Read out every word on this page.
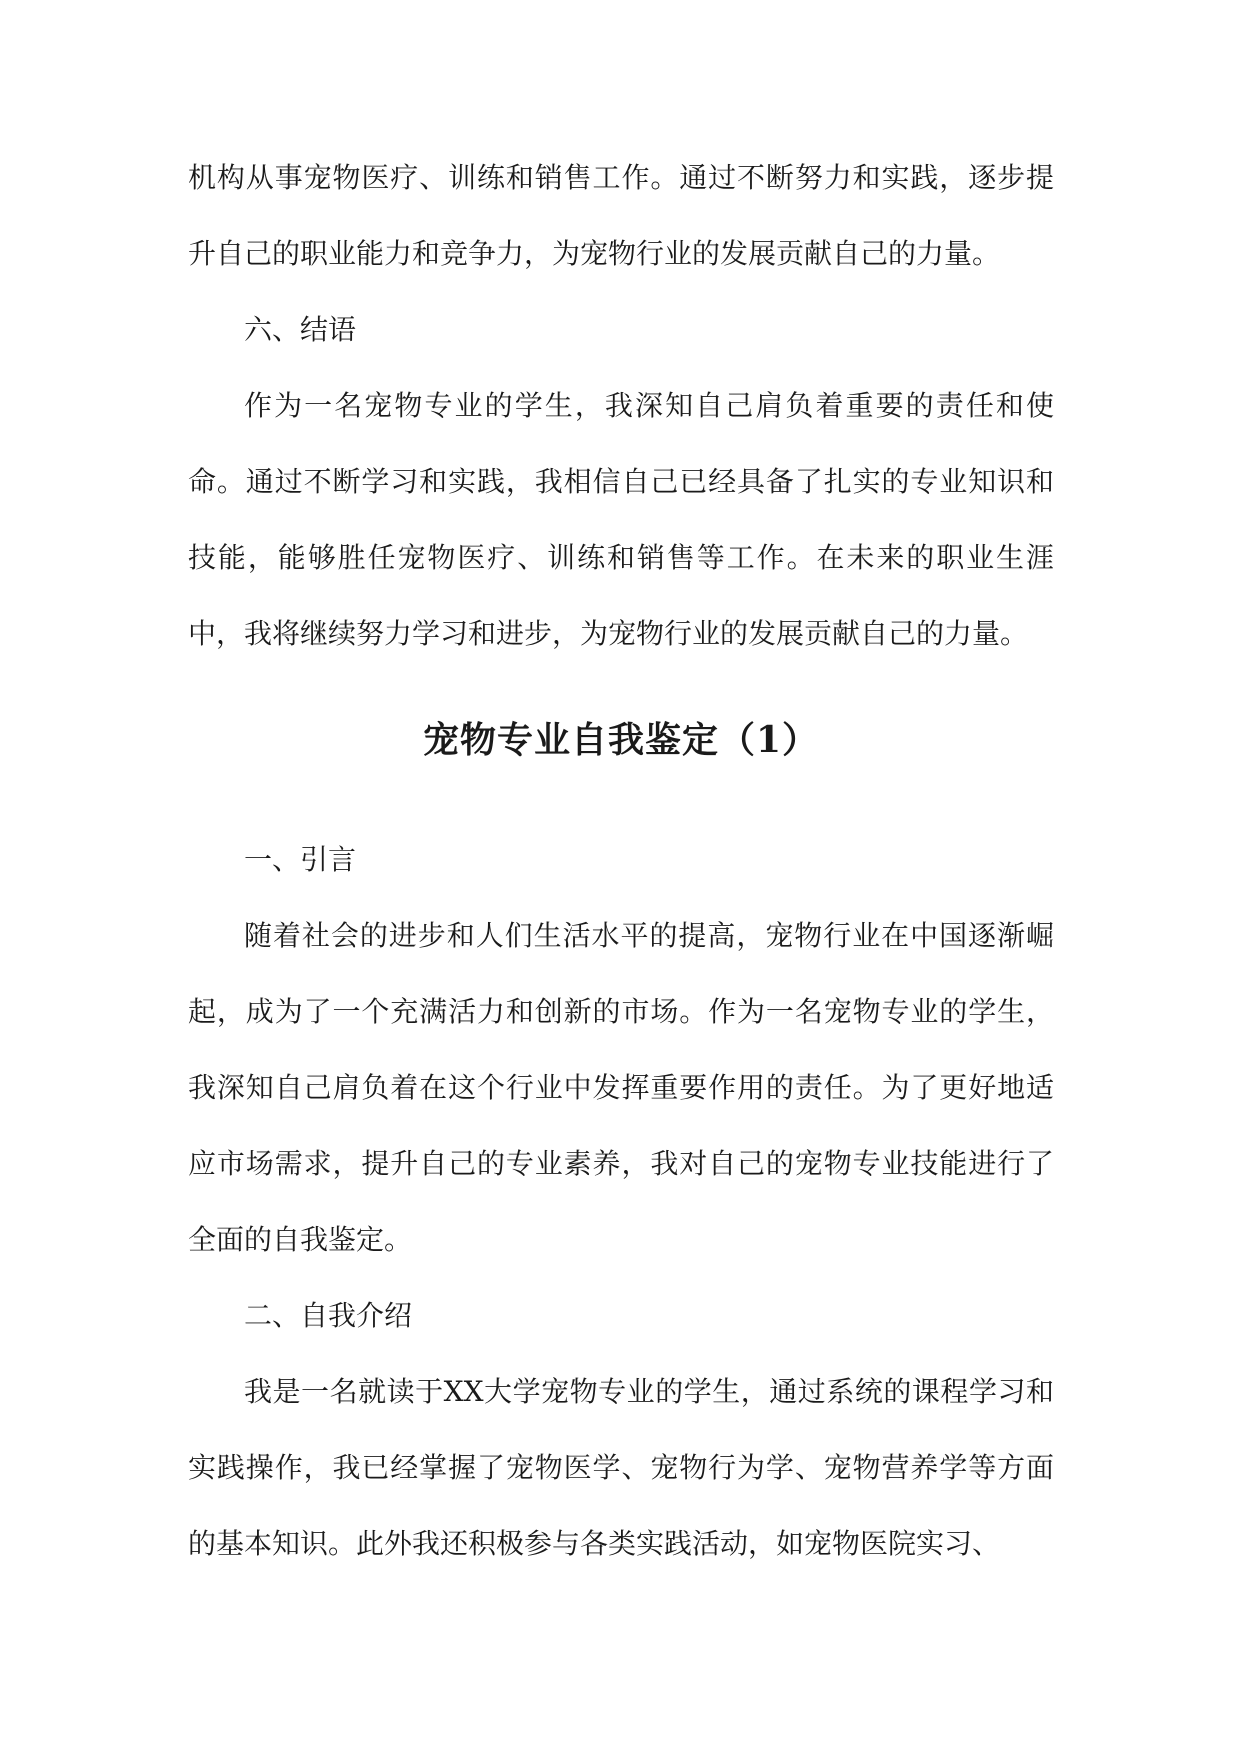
机构从事宠物医疗、训练和销售工作。通过不断努力和实践，逐步提升自己的职业能力和竞争力，为宠物行业的发展贡献自己的力量。

六、结语

作为一名宠物专业的学生，我深知自己肩负着重要的责任和使命。通过不断学习和实践，我相信自己已经具备了扎实的专业知识和技能，能够胜任宠物医疗、训练和销售等工作。在未来的职业生涯中，我将继续努力学习和进步，为宠物行业的发展贡献自己的力量。

宠物专业自我鉴定（1）

一、引言

随着社会的进步和人们生活水平的提高，宠物行业在中国逐渐崛起，成为了一个充满活力和创新的市场。作为一名宠物专业的学生，我深知自己肩负着在这个行业中发挥重要作用的责任。为了更好地适应市场需求，提升自己的专业素养，我对自己的宠物专业技能进行了全面的自我鉴定。

二、自我介绍

我是一名就读于XX大学宠物专业的学生，通过系统的课程学习和实践操作，我已经掌握了宠物医学、宠物行为学、宠物营养学等方面的基本知识。此外我还积极参与各类实践活动，如宠物医院实习、
